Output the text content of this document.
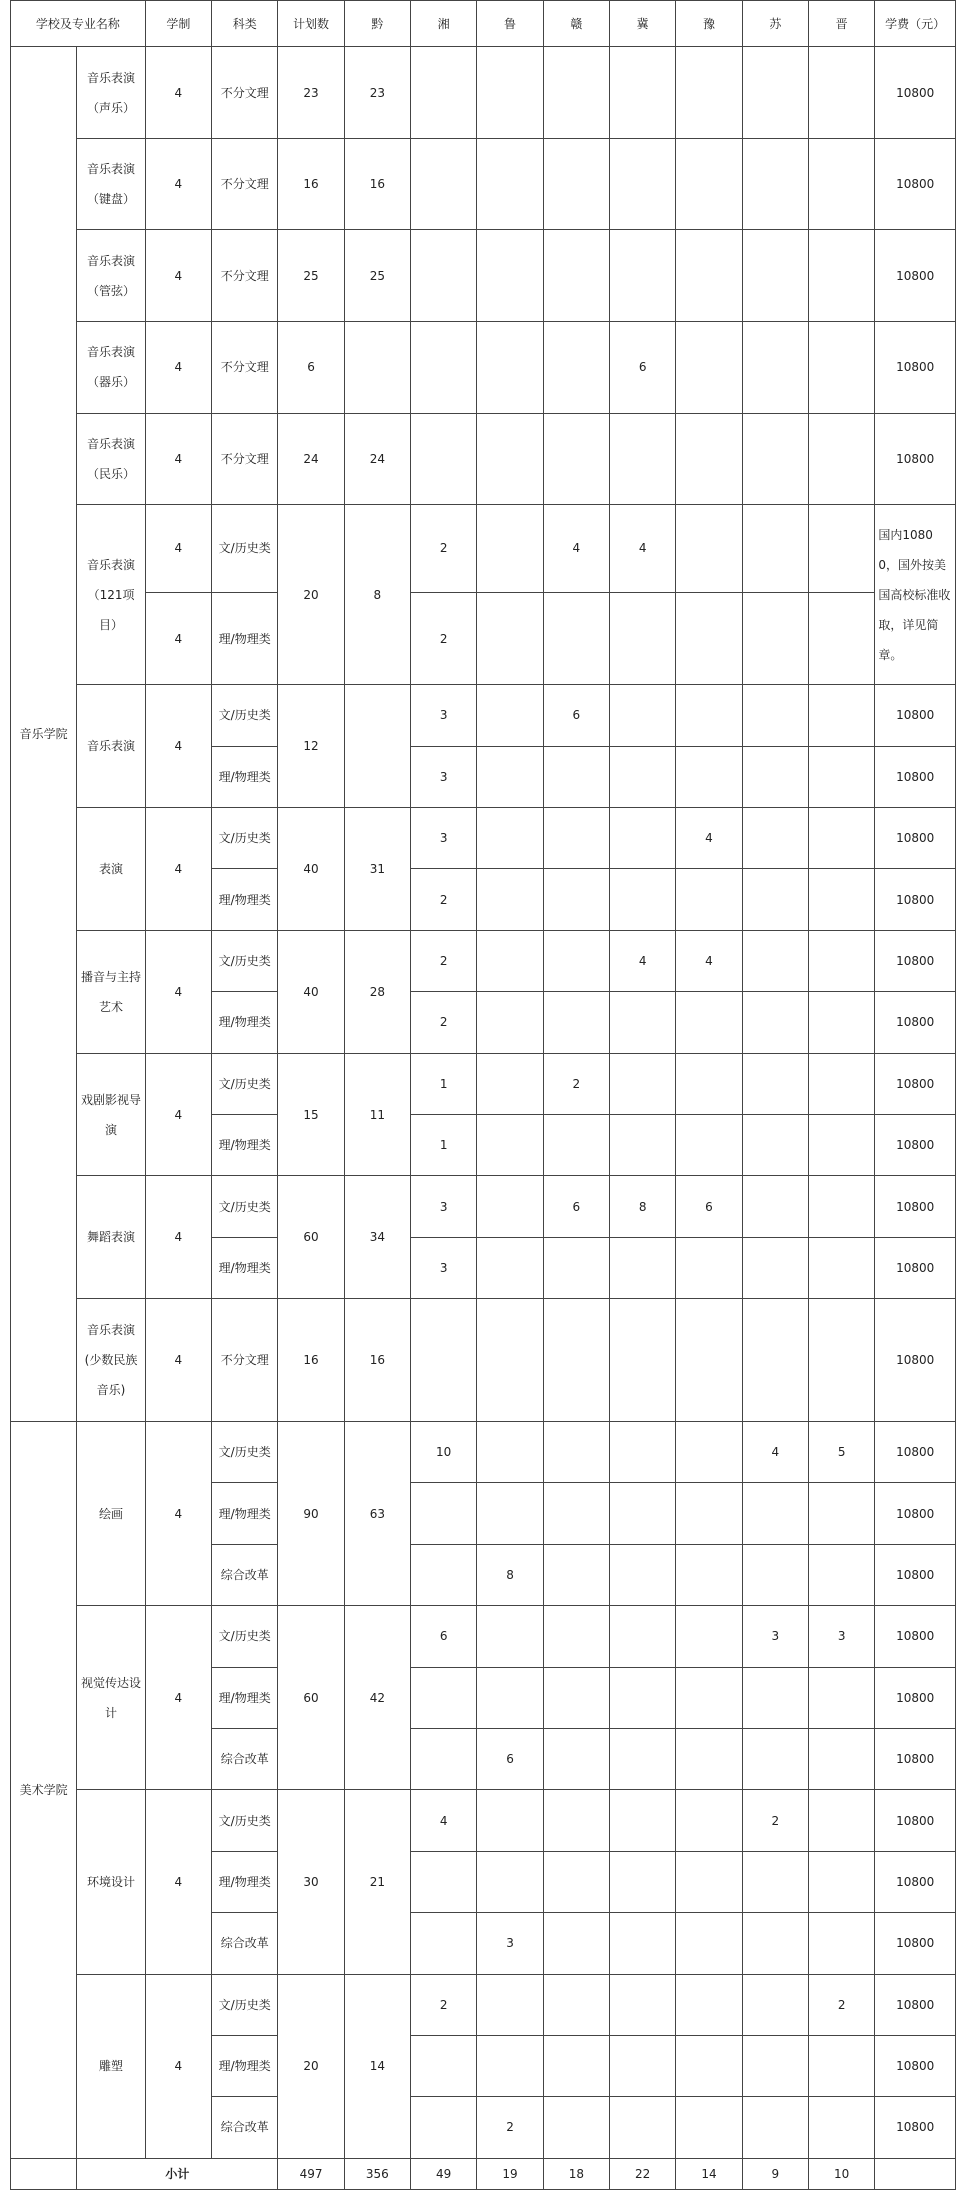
学校及专业名称		学制	科类	计划数	黔	湘	鲁	赣	冀	豫	苏	晋	学费（元）
音乐学院	音乐表演（声乐）	4	不分文理	23	23								10800
	音乐表演（键盘）	4	不分文理	16	16								10800
	音乐表演（管弦）	4	不分文理	25	25								10800
	音乐表演（器乐）	4	不分文理	6					6				10800
	音乐表演（民乐）	4	不分文理	24	24								10800
	音乐表演（121项目）	4	文/历史类	20	8	2		4	4				国内10800，国外按美国高校标准收取，详见简章。
		4	理/物理类			2							
	音乐表演	4	文/历史类	12		3		6					10800
			理/物理类			3							10800
	表演	4	文/历史类	40	31	3				4			10800
			理/物理类			2							10800
	播音与主持艺术	4	文/历史类	40	28	2			4	4			10800
			理/物理类			2							10800
	戏剧影视导演	4	文/历史类	15	11	1		2					10800
			理/物理类			1							10800
	舞蹈表演	4	文/历史类	60	34	3		6	8	6			10800
			理/物理类			3							10800
	音乐表演(少数民族音乐)	4	不分文理	16	16								10800
美术学院	绘画	4	文/历史类	90	63	10					4	5	10800
			理/物理类										10800
			综合改革				8						10800
	视觉传达设计	4	文/历史类	60	42	6					3	3	10800
			理/物理类										10800
			综合改革				6						10800
	环境设计	4	文/历史类	30	21	4					2		10800
			理/物理类										10800
			综合改革				3						10800
	雕塑	4	文/历史类	20	14	2						2	10800
			理/物理类										10800
			综合改革				2						10800
	小计			497	356	49	19	18	22	14	9	10	
